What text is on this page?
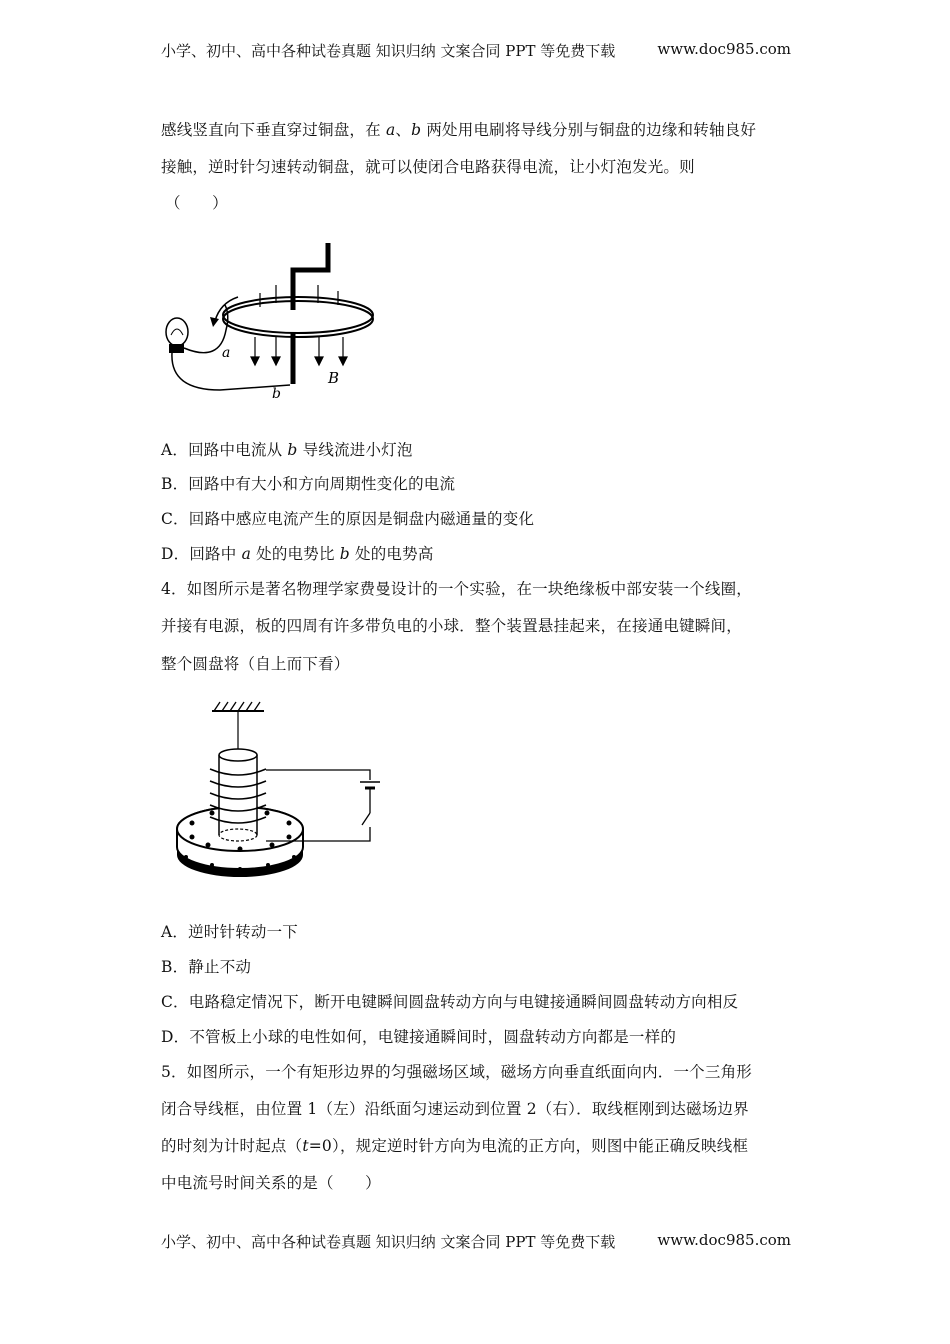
小学、初中、高中各种试卷真题 知识归纳 文案合同 PPT 等免费下载	www.doc985.com
感线竖直向下垂直穿过铜盘，在 a、b 两处用电刷将导线分别与铜盘的边缘和转轴良好
接触，逆时针匀速转动铜盘，就可以使闭合电路获得电流，让小灯泡发光。则
（　　）
a
b
B
A．回路中电流从 b 导线流进小灯泡
B．回路中有大小和方向周期性变化的电流
C．回路中感应电流产生的原因是铜盘内磁通量的变化
D．回路中 a 处的电势比 b 处的电势高
4．如图所示是著名物理学家费曼设计的一个实验，在一块绝缘板中部安装一个线圈，
并接有电源，板的四周有许多带负电的小球．整个装置悬挂起来，在接通电键瞬间，
整个圆盘将（自上而下看）
A．逆时针转动一下
B．静止不动
C．电路稳定情况下，断开电键瞬间圆盘转动方向与电键接通瞬间圆盘转动方向相反
D．不管板上小球的电性如何，电键接通瞬间时，圆盘转动方向都是一样的
5．如图所示，一个有矩形边界的匀强磁场区域，磁场方向垂直纸面向内．一个三角形
闭合导线框，由位置 1（左）沿纸面匀速运动到位置 2（右）．取线框刚到达磁场边界
的时刻为计时起点（t=0），规定逆时针方向为电流的正方向，则图中能正确反映线框
中电流号时间关系的是（　　）
小学、初中、高中各种试卷真题 知识归纳 文案合同 PPT 等免费下载	www.doc985.com
